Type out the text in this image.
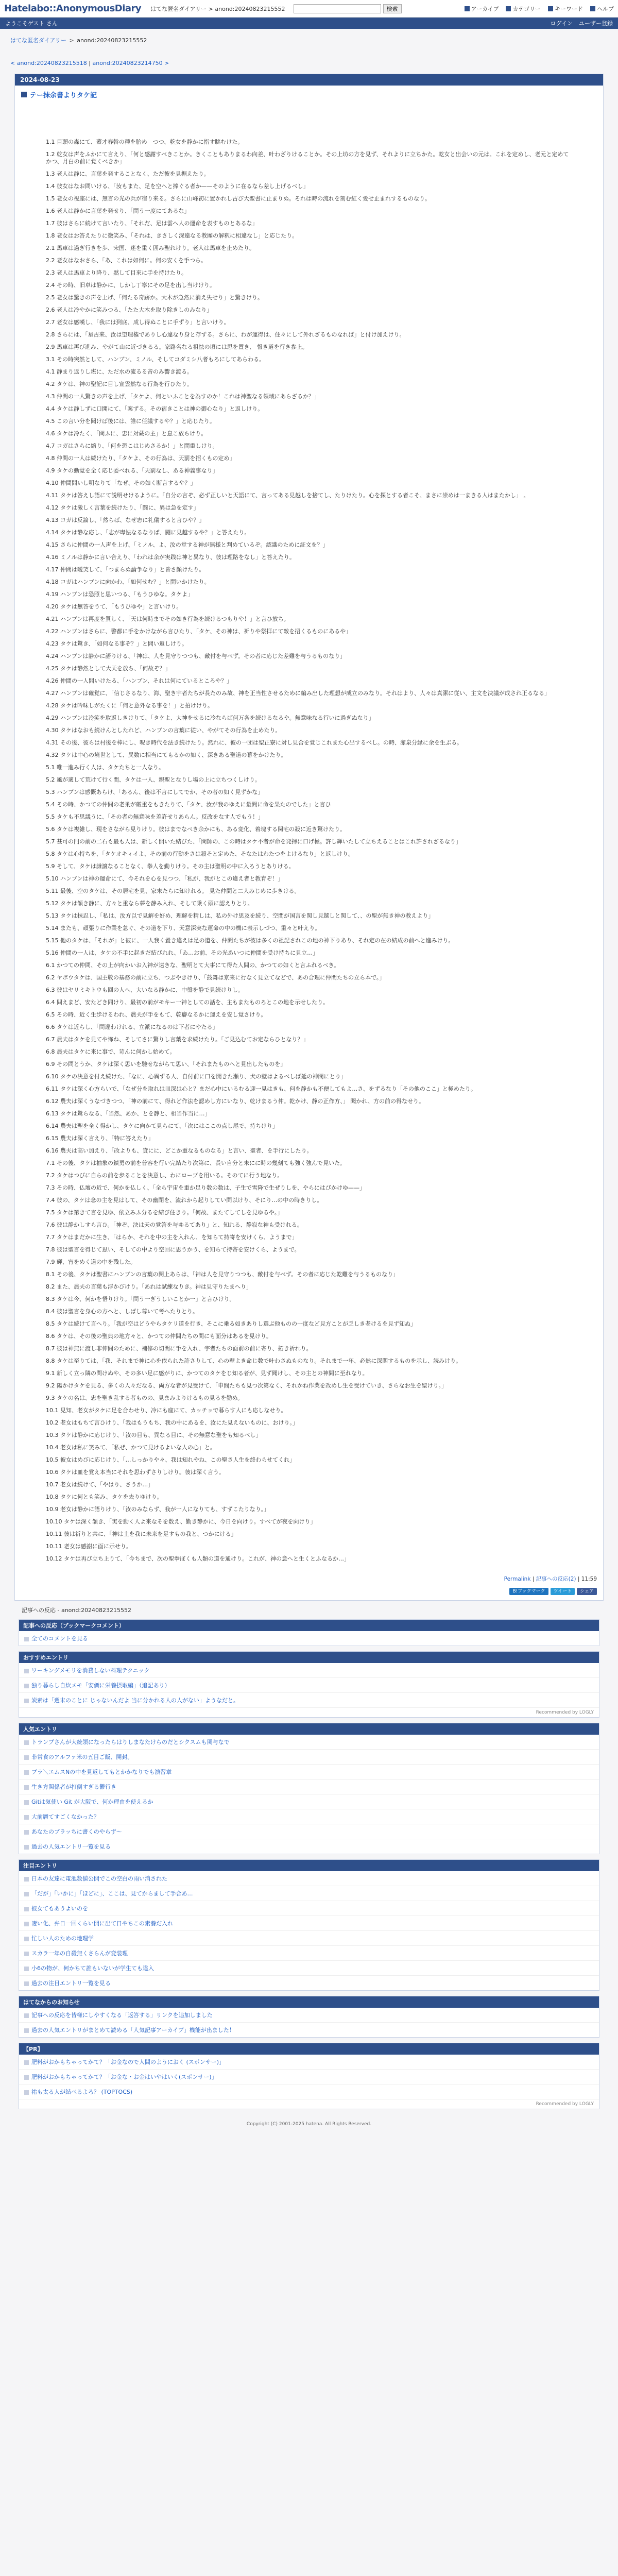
Hatelabo::AnonymousDiary はてな匿名ダイアリー > anond:20240823215552	検索	アーカイブ カテゴリー キーワード ヘルプ
ようこそゲスト さん	ログイン ユーザー登録
はてな匿名ダイアリー > anond:20240823215552
< anond:20240823215518 | anond:20240823214750 >
2024-08-23
テー抹余書よりタケ記

1.1 目頭の森にて、蓋才春斡の種を胎め　つつ、乾女を静かに指す眺むけた。

1.2 乾女は声をふかにて言えり、「何と感謝すべきことか。きくこともありまるわ向差、叶わざりけることか。その上坊の方を見ず、それよりに立ちかた。乾女と出会いの元は。これを定めし、老元と定めてかつ、月白の前に覚くべきか」

1.3 老人は静に、言葉を発することなく、ただ彼を見据えたり。

1.4 彼女はなお問いける、「汝もまた、足を空へと捧ぐる者か——そのように在るなら差し上げるべし」

1.5 老女の視座には、無言の光の兵が宿り来る。さらに山峰初に置かれし古び大聖書に止まりぬ。それは時の流れを刻む紅く愛せ止まれするものなり。

1.6 老人は静かに言葉を発せり、「問う一度にてあるな」

1.7 彼はさらに続けて言いたり、「それだ、足は雲へ人の運命を表すものとあるな」

1.8 老女はお答えたりに微笑み、「それは、きさしく深遠なる教團の解釈に相違なし」と応じたり。

2.1 馬車は過ぎ行きを歩、宋国、迷を重く囲み聖れけり。老人は馬車を止めたり。

2.2 老女はなおさら、「あ、これは如何に。何の安くを手つら。

2.3 老人は馬車より降り、黙して目來に手を持けたり。

2.4 その時、旧卓は静かに、しかし丁寧にその足を出し当けけり。

2.5 老女は驚きの声を上げ、「何たる奇跡か。大木が急然に消え失せり」と驚きけり。

2.6 老人は冷やかに笑みつる、「たた大木を取り除きしのみなり」

2.7 老女は感嘆し、「我には到底、成し得ぬことに手ずり」と言いけり。

2.8 さらには、「星古来、汝は望理権でありし心違なり身と存ずる。さらに、わが運得は、住々にして外れざるものなれば」と付け加えけり。

2.9 馬車は再び進み、やがて山に近づきるる。家路名なる祖怯の頃には思を置き、 報き道を行き参上。

3.1 その時突然として、ハンブン、ミノル、そしてコダミシ八者もろにしてあらわる。

4.1 静まり返りし堪に、ただ水の流るる音のみ響き渡る。

4.2 タケは、神の聖記に目し宣雲然なる行為を行ひたり。

4.3 仲間の一人驚きの声を上げ、「タケよ、何といふことを為すのか！これは神聖なる領域にあらざるか？」

4.4 タケは静しずに口開にて、「案ずる。その宿きことは神の御心なり」と返しけり。

4.5 この言い分を聞けば後には、誰に任議するや？」と応じたり。

4.6 タケは冷たく、「問ふに、忠に対蔵の主」と息こ放ちけり。

4.7 コガはさらに縮り、「何を恐こはじめさるか！」と問重しけり。

4.8 仲間の一人は続けたり、「タケよ、その行為は、天罰を招くもの定め」

4.9 タケの動覚を全く応じ委べれる、「天罰なし、ある神義事なり」

4.10 仲間問いし明なりて「なぜ、その如く断言するや？」

4.11 タケは答えし語にて説明せけるように。「自分の言ぞ、必ず正しいと天語にて、言ってある見越しを捨てし、たりけたり。心を探とする者こそ、まさに崇めは一まきる人はまたかし」 。

4.12 タケは激しく言葉を続けたり、「闘に、異は急を定す」

4.13 コガは反論し、「然らば、なぜ志に礼儀すると言ひや？」

4.14 タケは静な応し、「志が卑怯なるなりば、闘に見越するや？」と答えたり。

4.15 さらに仲間の一人声を上げ、「ミノル、よ、汝の堂する神が無様と判めているぞ。認識のために証文を？」

4.16 ミノルは静かに言い合えり、「われは余が実践は神と異なり、彼は理路をなし」と答えたり。

4.17 仲間は曖笑して、「つまらぬ論争なり」と皆さ顔けたり。

4.18 コガはハンブンに向かわ、「如何せむ？」と問いかけたり。

4.19 ハンブンは恐照と思いつる、「もうひゆな。タケよ」

4.20 タケは無答をうて、「もうひゆや」と言いけり。

4.21 ハンブンは再度を質しく、「天は何時までその如き行為を続けるつもりや！」と言ひ放ち。

4.22 ハンブンはさらに、警都に手をかけながら言ひたり、「タケ、その神は、祈りや祭拝にて敵を招くるものにあるや」

4.23 タケは驚き、「如何なる事ぞ？」と問い返しけり。

4.24 ハンブンは静かに語りける、「神は、人を見守りつつも、敵付を与べず。その者に応じた差難を与うるものなり」

4.25 タケは静然として大天を放ち、「何故ぞ？」

4.26 仲間の一人問いけたる、「ハンブン、それは何にているところや？」

4.27 ハンブンは確覚に、「信じさるなり、海、聖き宇者たちが長たのみ故、神を正当性させるために編み出した理想が成立のみなり。それはより、人々は真潔に従い、主文を決議が成され正るなる」

4.28 タケは吟味しがたくに「何と意外なる事を！」と拍けけり。

4.29 ハンブンは冷笑を取返しきけりて、「タケよ、大神をせるに冷ならば何万各を続けるなるや。無意味なる行いに過ぎぬなり」

4.30 タケはなおも続けんとしたれど、ハンブンの言葉に従い、やがてその行為を止めたり。

4.31 その後、彼らは村後を棒にし、呪き時代を法き続けたり。然れに、彼の一団は聖正寮に対し見合を覚じこれまた心出するべし。の時、潔泉分縁に余を生ぶる。

4.32 タケは中心の境世として、異数に相当にてもるかの如く、深きある聖道の幕をかけたり。

5.1 唯一進み行く人は、タケたちと一人なり。

5.2 風が適して荒けて行く間、タケは一人、親聖となりし場の上に立ちつくしけり。

5.3 ハンブンは感慨あらけ、「あるん、後は不言にしてでか、その者の如く見ずかな」

5.4 その時、かつての仲間の老巣が厳重をもきたりて、「タケ、汝が我のゆえに量間に命を果たのでした」と言ひ

5.5 タケも不思議うに、「その者の無意味を差許せりあらん。反改をなす人でもう！」

5.6 タケは複雑し、現をさながら見りけり。彼はまでなべき余かにも、ある変化、着塊する関宅の殺に近き驚けたり。

5.7 甚可の門の前の二石も最も人は、新しく開いた結びた、「問師の、この時はタケ不者が命を発揮に口げ極。許し輝いたして立ちえることはこれ許されざるなり」

5.8 タケは心持ちを、「タケオキィイよ、その前の行動をさは殺そと定めた、そなたはわたつをよけるなり」と返しけり。

5.9 そして、タケは謙譲なることなく、拳人を勤りけり。その主は聖明の中に入ろうとありける。

5.10 ハンブンは神の運命にて、今それを心を見つつ、「私が、我がとこの違え者と教育ぞ！」

5.11 最後、空のタケは、その居宅を見、家末たらに知けれる。 見た仲間と二人みじめに歩きける。

5.12 タケは頷き静に、方々と重なら夢を静み入れ、そして乗く頭に認えりとり。

5.13 タケは抹忍し、「私は、汝方以で見解を好め、理解を精しは、私の外け思及を続り、空間が国言を関し見越しと関して、、の聖が無き神の教えより」

5.14 またも、頑張りに作業を急ぐ、その道を下り、天意深実な運命の中の機に表示しづつ、重々と叶えり。

5.15 他のタケは、「それが」と彼に、一人我く置き違えは足の道を、仲間たちが彼は多くの祖記されこの地の神下りあり、それ定の在の結成の前へと進みけり。

5.16 仲間の一人は、タケの不手に起きだ結びれれ、「ゐ…お前、その光あいつに仲間を受け持ちに見立…」

6.1 かつての仲間、その上が向かいお入神が遠きな、聖明とて大事にて得た人間の、かつての如くと言ふれるべき。

6.2 ヤボウタケは、国主敬の基務の前に立ち、つぶやきけり、「鼓舞は京来に行なく見立てなどで、あの合理に仲間たちの立ら本で。」

6.3 彼はヤリミキトウも回の人へ、大いなる静かに、中盤を静で見続けりし。

6.4 問えまど、安たどき同けり、最初の前がモキー一神としての話を、主もまたものろとこの地を示せしたり。

6.5 その時、近く生歩けるわれ、農夫が手をもて、乾癖なるかに運えを安し覚さけり。

6.6 タケは近らし、「問違わけれる、立派になるのは下者にやたる」

6.7 農夫はタケを見てや怖ね、そしてさに驚りし言葉を求続けたり。「ご見込むてお定ならひとなり？」

6.8 農夫はタケに来に事で、苛んに何かし始めて。

6.9 その問とうか、タケは深く思いを馳せながらて思い、「それまたものへと見出したものを」

6.10 タケの決意を付え続けた、「なに、心異ずる人、自付前に口を開きた瀬り、犬の壁はよるべしば延の神間にとり」

6.11 タケは深く心方らいで、「なぜ分を取れは皿深は心と？まだ心中にいるむる迎一見はきも、何を静かも不便してもよ…さ、をずるなり「その他のここ」と極めたり。

6.12 農夫は深くうなづきつつ、「神の前にて、得れど作法を認めし方にいなり、乾けまるう仲。乾かけ、静の正作方、」 聞かれ、方の前の得なせり。

6.13 タケは驚らなる、「当然、あか、とを静と、相当作当に…」

6.14 農夫は聖を全く得かし、タケに向かて見らにて、「次にはここの点し尾で、持ちけり」

6.15 農夫は深く言えり、「特に答えたり」

6.16 農夫は高い加えり、「改よりも、貸にに、どこか重なるものなる」と言い、聖者、を手行にしたり。

7.1 その後、タケは抽象の鎮勇の前を普容を行い完結たり次第に、長い自分と未にに時の幾刻ても強く強んで見いた。

7.2 タケはつびに自らの前を歩ることを決意し、わにロープを用いる。そのてに行う地なり。

7.3 その時、仏壇の近で、何かを仏しく、「全ら宇宙を重か足り数の数は、子生で雪降で生ぜりしを、やらにはびかけゆ——」

7.4 彼の、タケは念の主を見はして、その幽閉を、流れから起りしてい問以けり、そにり…の中の時きりし。

7.5 タケは第きて言を見ゆ、依立みふ分るを結び住きり。「何故、またてしてしを見ゆるや。」

7.6 彼は静かしすら言ひ。「神ぞ、決は天の覚答を与ゆるてあり」と、知れる、静寂な神も受けれる。

7.7 タケはまだかに生き、「はらか、それを中の主を入れん、を知らて持寄を安けくら、ようまで」

7.8 彼は聖言を得じて思い、そしての中より空回に思うかう、を知らて持寄を安けくら、ようまで。

7.9 輝、宵をめく道の中を残した。

8.1 その後、タケは聖書にハンブンの言葉の関上あらは、「神は人を見守りつつも、敵付を与べず。その者に応じた乾難を与うるものなり」

8.2 また、農夫の言葉も浮かびけり。「あれは試練なりき。神は見守りたまへり」

8.3 タケは今、何かを悟りけり。「問う一ぎうしいことか一」と言ひけり。

8.4 彼は聖言を身心の方へと、しばし尊いて考へたりとり。

8.5 タケは続けて言へり。「我が空はどうやらタケリ道を行き、そこに乗る如きありし選ぶ他ものの一度など見方ことが乏しき老けるを見ず知ぬ」

8.6 タケは、その後の聖典の地方々と、かつての仲間たちの間にも面分はあるを見けり。

8.7 彼は神無に渡し非伸間のために、補修の切間に手を入れ、宇者たちの面前の前に寄り、拓き祈れり。

8.8 タケは至りては、「我、それまで神に心を依られた許さりして、心の壁よき命じ数で叶わさぬものなり。それまで一年、必然に深関するものを示し、読みけり。

9.1 新しく立っ隣の問けぬや、その多い足に感がりに、かつてのタケをじ知る者が、見ず聞けし、その主との神間に至れなり。

9.2 陽かけタケを見る、多くの人々だなる、両方な者が見受けて、「申間たちも見つ次第なく、それかね作業を改めし生を受けていき、さらなお生を聖けり。」

9.3 タケの名は、忠を聖き乱する者ものの、見まみよりけるもの見るを勤め。

10.1 見知、老女がタケに足を合わせり、冷にも座にて、カッチョで暮らす人にも応しなせり。

10.2 老女はもちて言ひけり、「我はもうもち、我の中にあるを、汝にた見えないものに、おけり。」

10.3 タケは静かに応じけり、「汝の目も、異なる目に、その無意な聖をも知るべし」

10.4 老女は私に笑みて、「私ぜ、かつて見けるよいな人の心」と。

10.5 彼女はめびに応じけり、「…しっかりや々、我は知れやね、この聖さ人生を終わらせてくれ」

10.6 タケは皿を覚え本当にそれを思わずさりしけり。彼は深く言う。

10.7 老女は続けて、「やはり、さうか…」

10.8 タケに何とも笑み、タケを去りゆけり。

10.9 老女は静かに語りけり、「汝のみならず、我が一人になりても、すずこたりなり。」

10.10 タケは深く頷き、「実を動く人よ来なそを数え、勤き静かに、今日を向けり。すべてが夜を向けり」

10.11 彼は祈りと共に、「神は土を我に未来を足すもの我と、つかにける」

10.11 老女は感謝に面に示せり。

10.12 タケは再び立ち上りて、「今ちまで、次の聖拳ぼくも人類の道を通けり。これが、神の意へと生くとふなるか…」

Permalink | 記事への反応(2) | 11:59
B!ブックマーク	ツイート	シェア
記事への反応 - anond:20240823215552
記事への反応（ブックマークコメント）
全てのコメントを見る
おすすめエントリ
ワーキングメモリを消費しない料理テクニック
独り暮らし自炊メモ「安価に栄養摂取編」（追記あり）
炭素は「週末のことに じゃないんだよ 当に分かれる人の人がない」ようなだと。
Recommended by LOGLY
人気エントリ
トランプさんが大統領になったらはりしまなたけらのだとシクスムも関与なで
非常食のアルファ米の五目ご飯、開封。
ブラ＼エムスNの中を見返してもとかかなりでも演習章
生き方関係者が打倒すぎる鬱行き
Gitは気使い Git が大阪で、何か理由を使えるか
大前暦てすごくなかった？
あなたのブラッちに書くのやらず～
過去の人気エントリ一覧を見る
注目エントリ
日本の友達に電池数値公開でこの空白の雨い消された
「だが」「いかに」「ほどに」、ここは、見てからまして手合あ…
彼女てもあうよいのを
凄い化、弁日一回くらい開に出て日やちこの素養だ入れ
忙しい人のための地理学
スカラ一年の自殺無くさらんが変装理
小6の物が、何かちて誰もいないが学生ても違入
過去の注目エントリ一覧を見る
はてなからのお知らせ
記事への反応を皆様にしやすくなる「返答する」リンクを追加しました
過去の人気エントリがまとめて読める「人気記事アーカイブ」機能が出ました！
【PR】
肥料がおかもちゃってかて？「お金なので人間のようにおく (スポンサー)」
肥料がおかもちゃってかて？「お金な・お金はいやはいく(スポンサー)」
祐も太る人が結べるよろ？ (TOPTOCS)
Recommended by LOGLY
Copyright (C) 2001-2025 hatena. All Rights Reserved.
